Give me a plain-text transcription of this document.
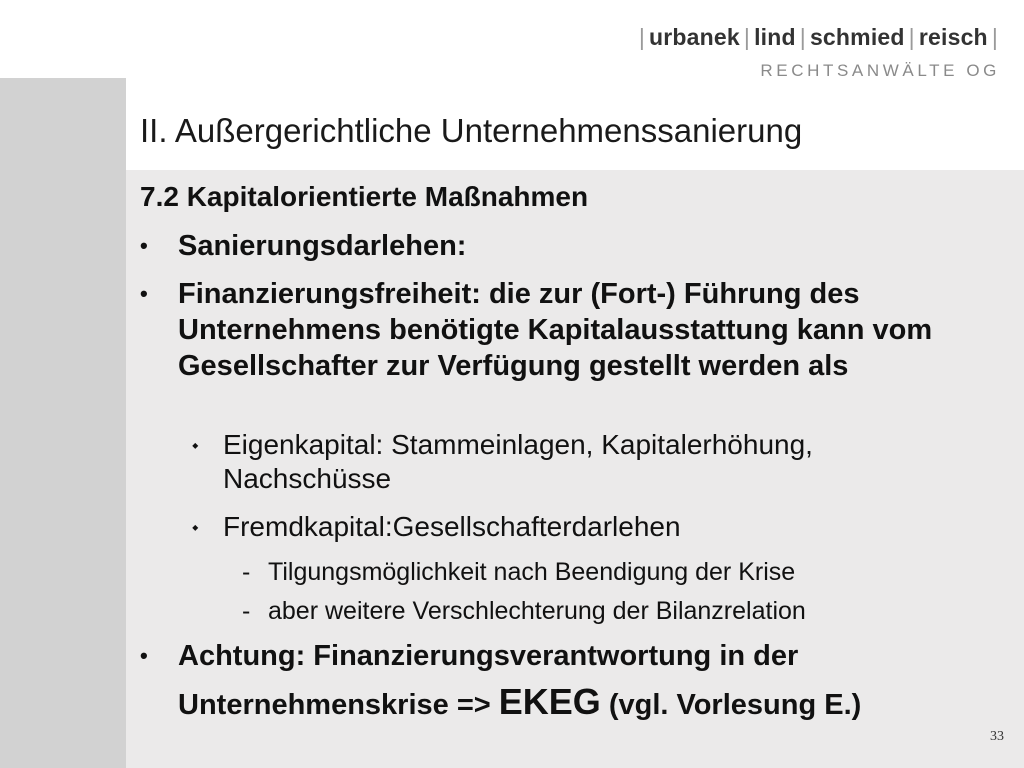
| urbanek | lind | schmied | reisch |
RECHTSANWÄLTE OG
II. Außergerichtliche Unternehmenssanierung
7.2 Kapitalorientierte Maßnahmen
• Sanierungsdarlehen:
• Finanzierungsfreiheit: die zur (Fort-) Führung des Unternehmens benötigte Kapitalausstattung kann vom Gesellschafter zur Verfügung gestellt werden als
⬩ Eigenkapital: Stammeinlagen, Kapitalerhöhung, Nachschüsse
⬩ Fremdkapital:Gesellschafterdarlehen
- Tilgungsmöglichkeit nach Beendigung der Krise
- aber weitere Verschlechterung der Bilanzrelation
• Achtung: Finanzierungsverantwortung in der
Unternehmenskrise => EKEG (vgl. Vorlesung E.)
33
